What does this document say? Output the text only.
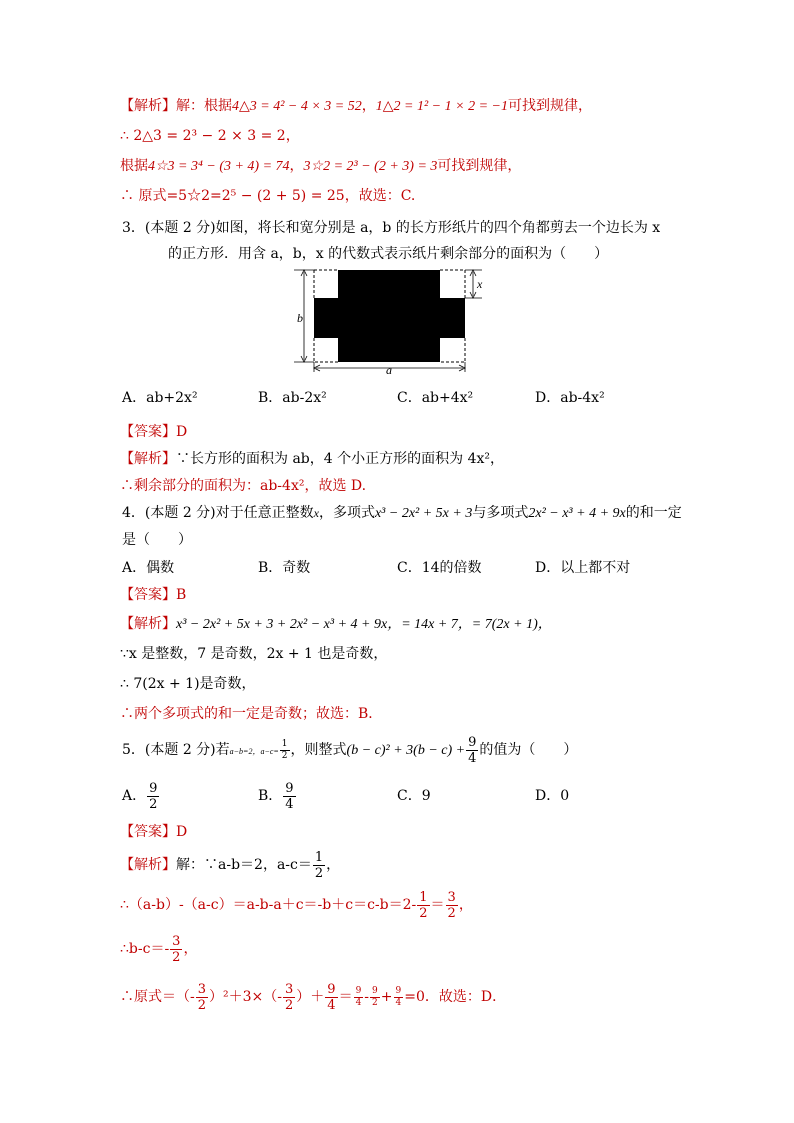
【解析】解：根据4△3 = 4² − 4 × 3 = 52，1△2 = 1² − 1 × 2 = −1可找到规律，
∴ 2△3 = 2³ − 2 × 3 = 2，
根据4☆3 = 3⁴ − (3 + 4) = 74，3☆2 = 2³ − (2 + 3) = 3可找到规律，
∴ 原式=5☆2=2⁵ − (2 + 5) = 25，故选：C.
3．(本题 2 分)如图，将长和宽分别是 a，b 的长方形纸片的四个角都剪去一个边长为 x
的正方形．用含 a，b，x 的代数式表示纸片剩余部分的面积为（　　）
b
x
a
A．ab+2x²	B．ab-2x²	C．ab+4x²	D．ab-4x²
【答案】D
【解析】∵长方形的面积为 ab，4 个小正方形的面积为 4x²，
∴剩余部分的面积为：ab-4x²，故选 D.
4．(本题 2 分)对于任意正整数x，多项式x³ − 2x² + 5x + 3与多项式2x² − x³ + 4 + 9x的和一定
是（　　）
A．偶数	B．奇数	C．14的倍数	D．以上都不对
【答案】B
【解析】x³ − 2x² + 5x + 3 + 2x² − x³ + 4 + 9x，= 14x + 7，= 7(2x + 1)，
∵x 是整数，7 是奇数，2x + 1 也是奇数，
∴ 7(2x + 1)是奇数，
∴两个多项式的和一定是奇数；故选：B．
5．(本题 2 分)若a−b=2，$a-c= \frac{1}{2}$ ，则整式$(b - c)^2 + 3(b - c) + \frac{9}{4}$ 的值为（　　）
A． $\frac{9}{2}$	B． $\frac{9}{4}$	C．9	D．0
【答案】D
【解析】解：∵a-b＝2，$a-c= \frac{1}{2}$ ，
∴（a-b）-（a-c）＝a-b-a＋c＝-b＋c＝c-b＝2- $\frac{1}{2} = \frac{3}{2}$ ，
∴b-c＝- $\frac{3}{2}$ ，
∴原式＝（- $\frac{3}{2} )^2+3\times(- \frac{3}{2}$ ）＋ $\frac{9}{4} = \frac{9}{4} - \frac{9}{2} + \frac{9}{4} =0$．故选：D．
